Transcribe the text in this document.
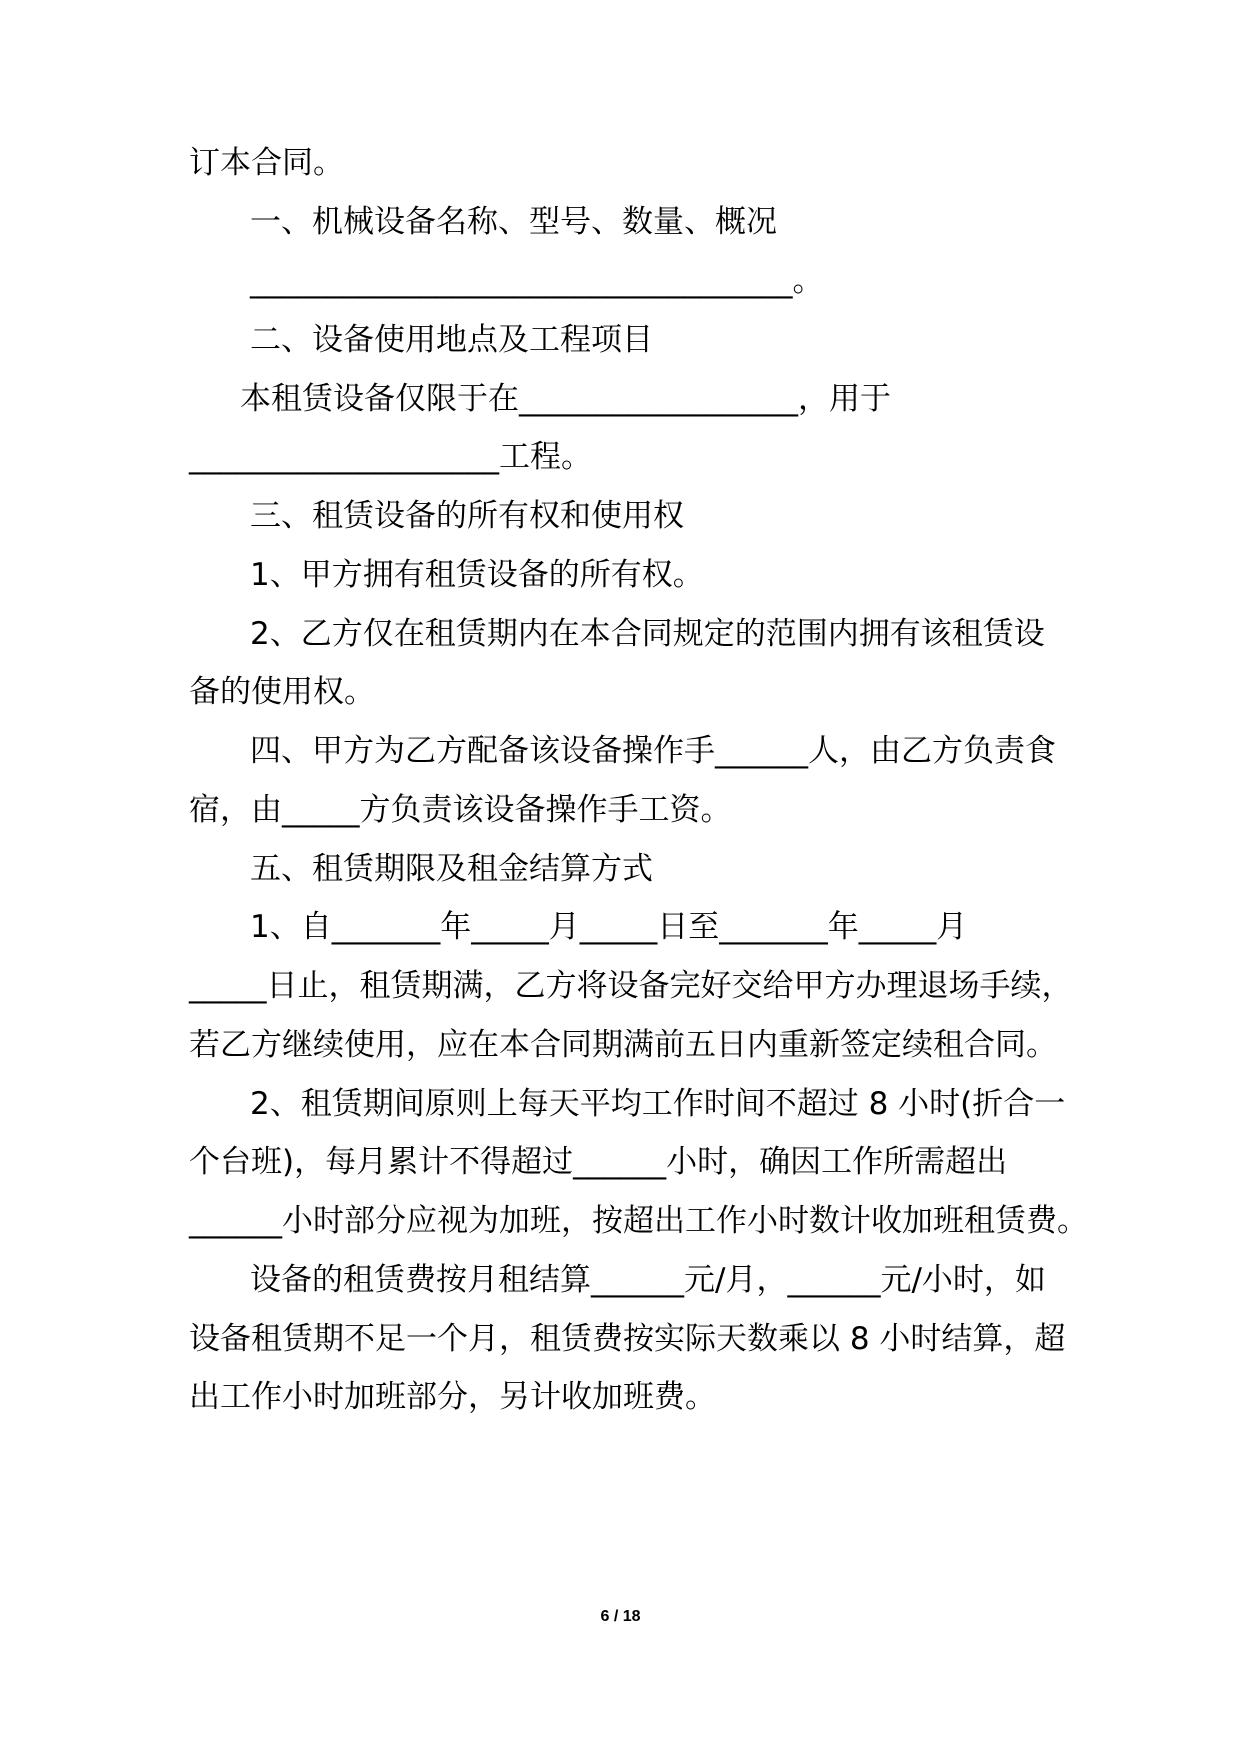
订本合同。
一、机械设备名称、型号、数量、概况
___________________________________。
二、设备使用地点及工程项目
本租赁设备仅限于在__________________，用于
____________________工程。
三、租赁设备的所有权和使用权
1、甲方拥有租赁设备的所有权。
2、乙方仅在租赁期内在本合同规定的范围内拥有该租赁设
备的使用权。
四、甲方为乙方配备该设备操作手______人，由乙方负责食
宿，由_____方负责该设备操作手工资。
五、租赁期限及租金结算方式
1、自_______年_____月_____日至_______年_____月
_____日止，租赁期满，乙方将设备完好交给甲方办理退场手续，
若乙方继续使用，应在本合同期满前五日内重新签定续租合同。
2、租赁期间原则上每天平均工作时间不超过 8 小时(折合一
个台班)，每月累计不得超过______小时，确因工作所需超出
______小时部分应视为加班，按超出工作小时数计收加班租赁费。
设备的租赁费按月租结算______元/月，______元/小时，如
设备租赁期不足一个月，租赁费按实际天数乘以 8 小时结算，超
出工作小时加班部分，另计收加班费。
6 / 18
